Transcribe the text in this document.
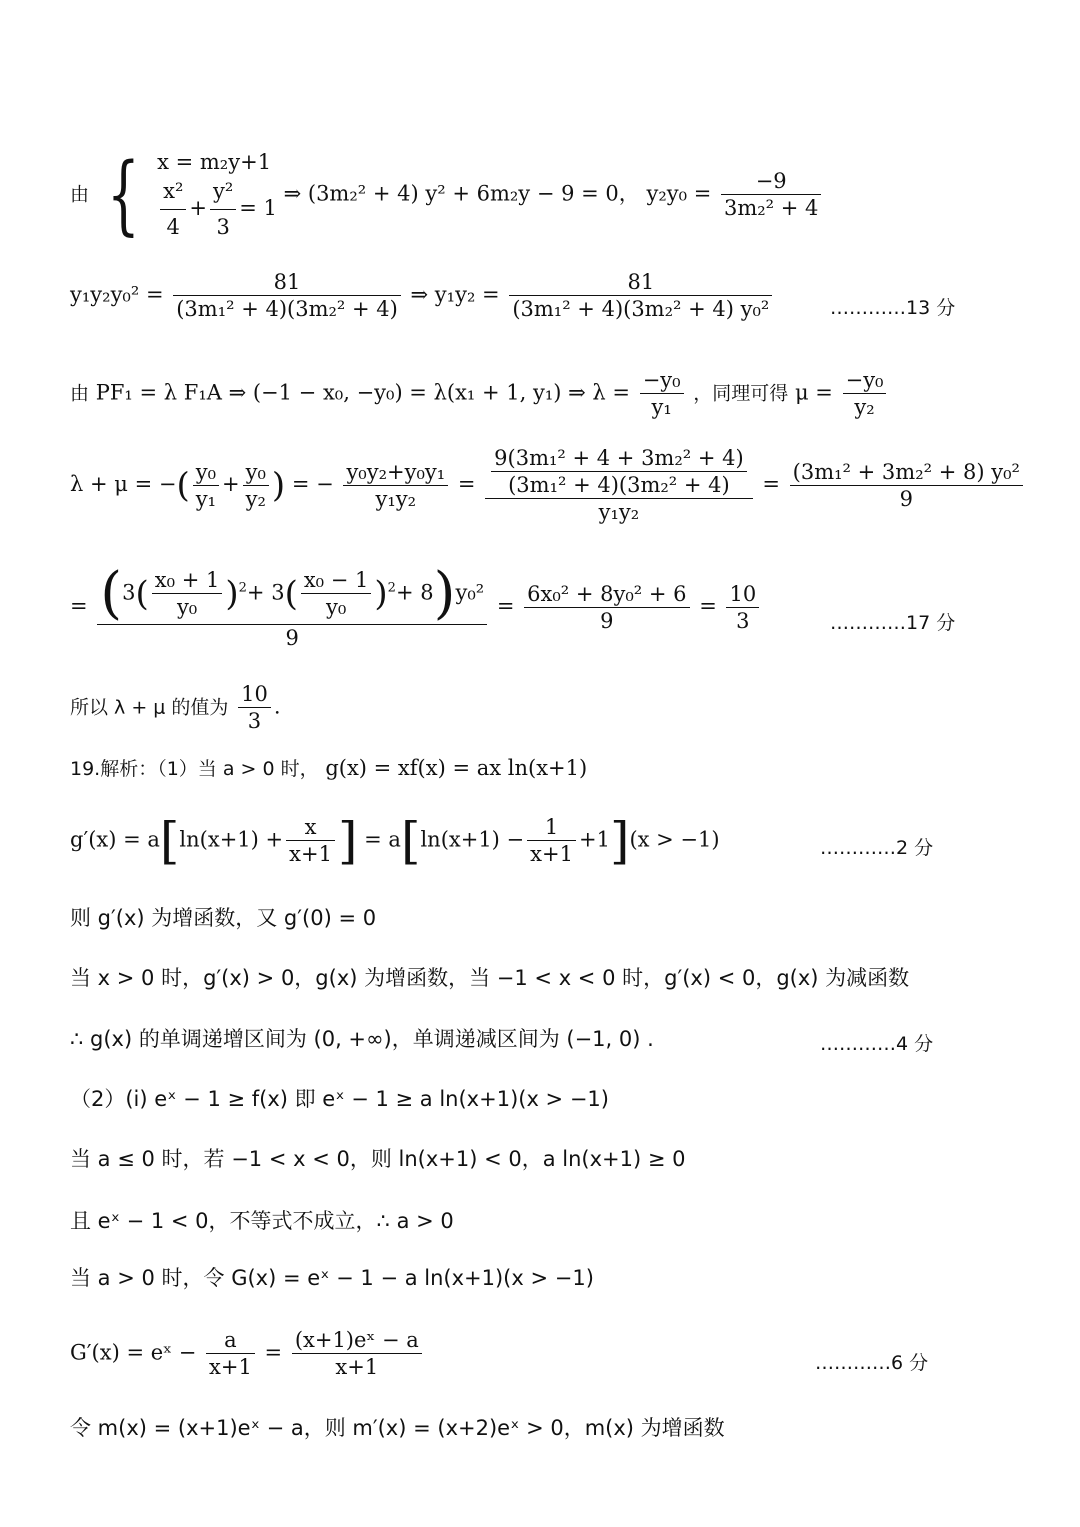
由 { x = m₂y+1
$\frac{\text{x²}}{4} + \frac{\text{y²}}{3} = 1$
⇒ (3m₂² + 4) y² + 6m₂y − 9 = 0， $y_2y_0 = \frac{-9}{\text{3m₂² + 4}}$
$y_1y_2y_0^2 = \frac{81}{\text{(3m₁² + 4)(3m₂² + 4)}}$ ⇒ $y_1y_2 = \frac{81}{\text{(3m₁² + 4)(3m₂² + 4) y₀²}}$	…………13 分
由 PF₁ = λ F₁A ⇒ (−1 − x₀, −y₀) = λ(x₁ + 1, y₁) ⇒ $\lambda = \frac{\text{−y₀}}{\text{y₁}}$ ，同理可得 $\mu = \frac{\text{−y₀}}{\text{y₂}}$
λ + μ = −( $\frac{\text{y₀}}{\text{y₁}} + \frac{\text{y₀}}{\text{y₂}}$ ) = − $\frac{\text{y₀y₂+y₀y₁}}{\text{y₁y₂}} = \frac{\frac{\text{9(3m₁² + 4 + 3m₂² + 4)}}{\text{(3m₁² + 4)(3m₂² + 4)}}}{\text{y₁y₂}} = \frac{\text{(3m₁² + 3m₂² + 8) y₀²}}{9}$
= $\frac{(3( \frac{\text{x₀ + 1}}{\text{y₀}} )^2+ 3( \frac{\text{x₀ − 1}}{\text{y₀}} )^2+ 8)y_0^2}{9} = \frac{\text{6x₀² + 8y₀² + 6}}{9} = \frac{10}{3}$	…………17 分
所以 λ + μ 的值为 $\frac{10}{3}$ .
19.解析：（1）当 a > 0 时， g(x) = xf(x) = ax ln(x+1)
$g'(x) = a[\ln(x+1) + \frac{x}{x+1}$ ] = $a[\ln(x+1) - \frac{1}{x+1} +1](x > -1)$	…………2 分
则 g′(x) 为增函数，又 g′(0) = 0
当 x > 0 时，g′(x) > 0，g(x) 为增函数，当 −1 < x < 0 时，g′(x) < 0，g(x) 为减函数
∴ g(x) 的单调递增区间为 (0, +∞)，单调递减区间为 (−1, 0) .	…………4 分
（2）(i) eˣ − 1 ≥ f(x) 即 eˣ − 1 ≥ a ln(x+1)(x > −1)
当 a ≤ 0 时，若 −1 < x < 0，则 ln(x+1) < 0，a ln(x+1) ≥ 0
且 eˣ − 1 < 0，不等式不成立，∴ a > 0
当 a > 0 时，令 G(x) = eˣ − 1 − a ln(x+1)(x > −1)
G′(x) = eˣ − $\frac{a}{x+1} = \frac{\text{(x+1)eˣ − a}}{x+1}$	…………6 分
令 m(x) = (x+1)eˣ − a，则 m′(x) = (x+2)eˣ > 0，m(x) 为增函数
